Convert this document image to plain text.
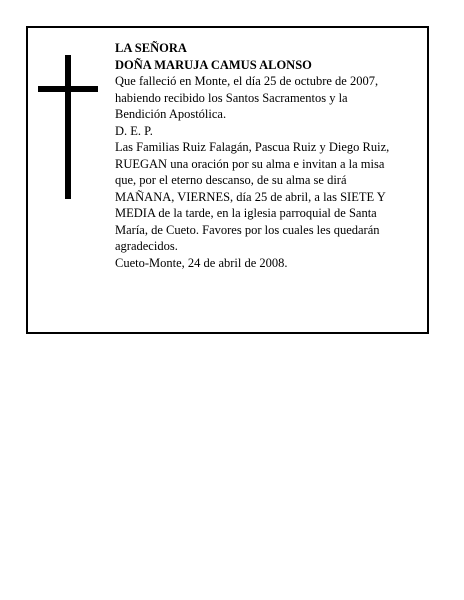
LA SEÑORA
DOÑA MARUJA CAMUS ALONSO
Que falleció en Monte, el día 25 de octubre de 2007,
habiendo recibido los Santos Sacramentos y la
Bendición Apostólica.
D. E. P.
Las Familias Ruiz Falagán, Pascua Ruiz y Diego Ruiz,
RUEGAN una oración por su alma e invitan a la misa
que, por el eterno descanso, de su alma se dirá
MAÑANA, VIERNES, día 25 de abril, a las SIETE Y
MEDIA de la tarde, en la iglesia parroquial de Santa
María, de Cueto. Favores por los cuales les quedarán
agradecidos.
Cueto-Monte, 24 de abril de 2008.
